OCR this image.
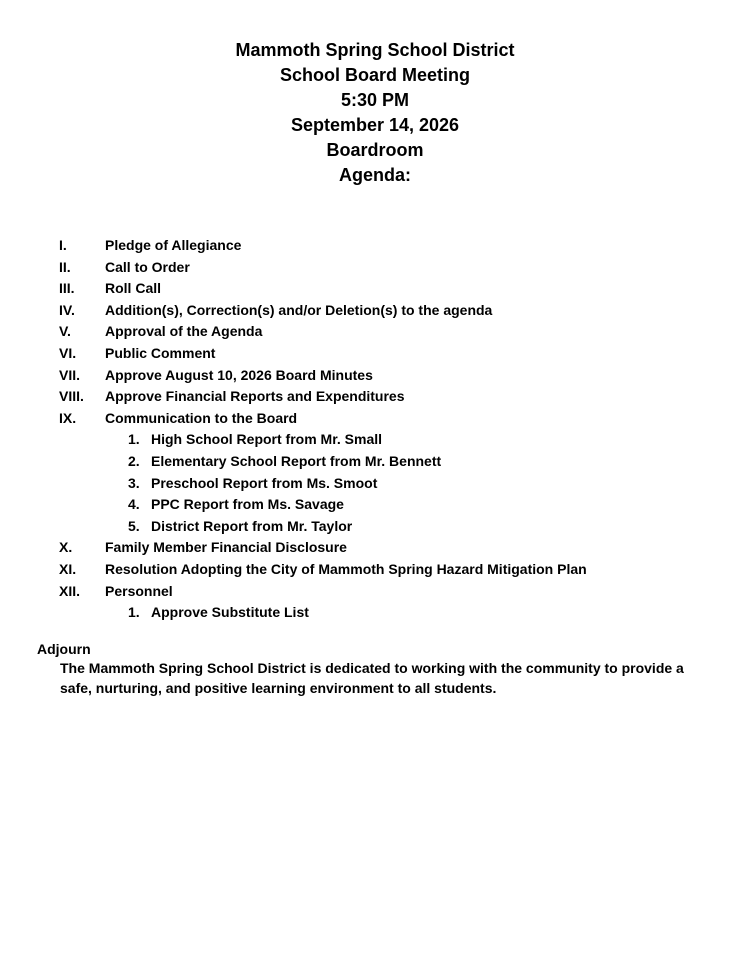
Mammoth Spring School District
School Board Meeting
5:30 PM
September 14, 2026
Boardroom
Agenda:
I.	Pledge of Allegiance
II. Call to Order
III. Roll Call
IV. Addition(s), Correction(s) and/or Deletion(s) to the agenda
V. Approval of the Agenda
VI. Public Comment
VII. Approve August 10, 2026 Board Minutes
VIII. Approve Financial Reports and Expenditures
IX. Communication to the Board
1. High School Report from Mr. Small
2. Elementary School Report from Mr. Bennett
3. Preschool Report from Ms. Smoot
4. PPC Report from Ms. Savage
5. District Report from Mr. Taylor
X. Family Member Financial Disclosure
XI. Resolution Adopting the City of Mammoth Spring Hazard Mitigation Plan
XII. Personnel
1. Approve Substitute List
Adjourn
The Mammoth Spring School District is dedicated to working with the community to provide a safe, nurturing, and positive learning environment to all students.
